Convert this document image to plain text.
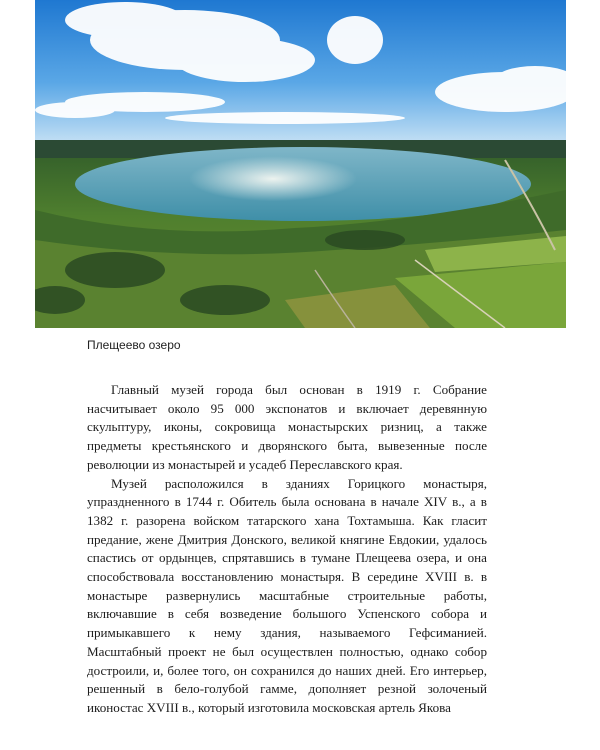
Плещеево озеро

Главный музей города был основан в 1919 г. Собрание насчитывает около 95 000 экспонатов и включает деревянную скульптуру, иконы, сокровища монастырских ризниц, а также предметы крестьянского и дворянского быта, вывезенные после революции из монастырей и усадеб Переславского края.

Музей расположился в зданиях Горицкого монастыря, упраздненного в 1744 г. Обитель была основана в начале XIV в., а в 1382 г. разорена войском татарского хана Тохтамыша. Как гласит предание, жене Дмитрия Донского, великой княгине Евдокии, удалось спастись от ордынцев, спрятавшись в тумане Плещеева озера, и она способствовала восстановлению монастыря. В середине XVIII в. в монастыре развернулись масштабные строительные работы, включавшие в себя возведение большого Успенского собора и примыкавшего к нему здания, называемого Гефсиманией. Масштабный проект не был осуществлен полностью, однако собор достроили, и, более того, он сохранился до наших дней. Его интерьер, решенный в бело-голубой гамме, дополняет резной золоченый иконостас XVIII в., который изготовила московская артель Якова
